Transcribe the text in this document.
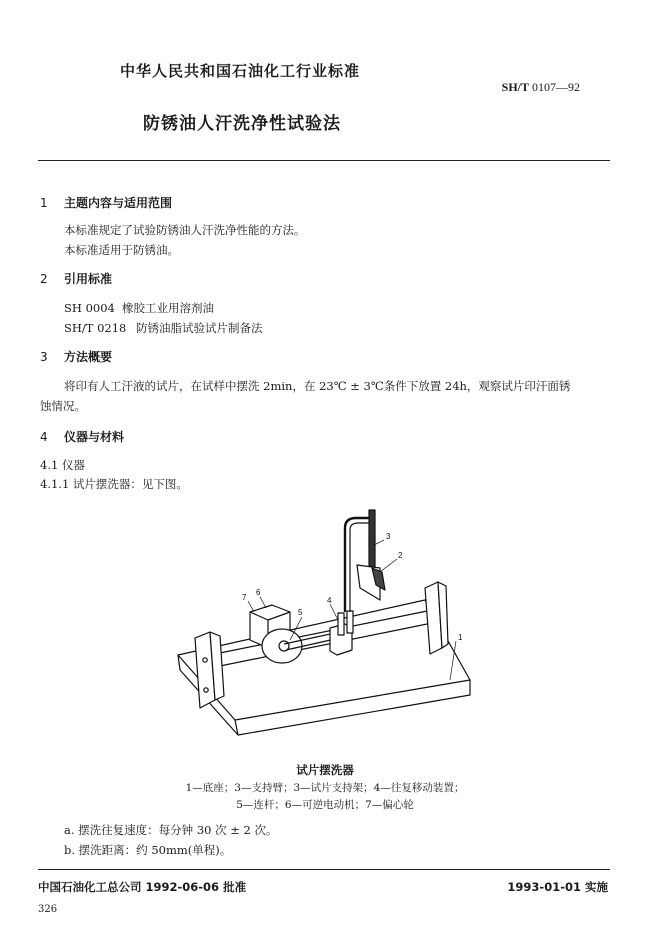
中华人民共和国石油化工行业标准
SH/T 0107—92
防锈油人汗洗净性试验法
1 主题内容与适用范围
本标准规定了试验防锈油人汗洗净性能的方法。
本标准适用于防锈油。
2 引用标准
SH 0004 橡胶工业用溶剂油
SH/T 0218 防锈油脂试验试片制备法
3 方法概要
将印有人工汗液的试片，在试样中摆洗 2min，在 23℃ ± 3℃条件下放置 24h，观察试片印汗面锈
蚀情况。
4 仪器与材料
4.1 仪器
4.1.1 试片摆洗器：见下图。
1
2
3
4
5
6
7
试片摆洗器
1—底座；3—支持臂；3—试片支持架；4—往复移动装置；
5—连杆；6—可逆电动机；7—偏心轮
a. 摆洗往复速度：每分钟 30 次 ± 2 次。
b. 摆洗距离：约 50mm(单程)。
中国石油化工总公司 1992-06-06 批准	1993-01-01 实施
326
